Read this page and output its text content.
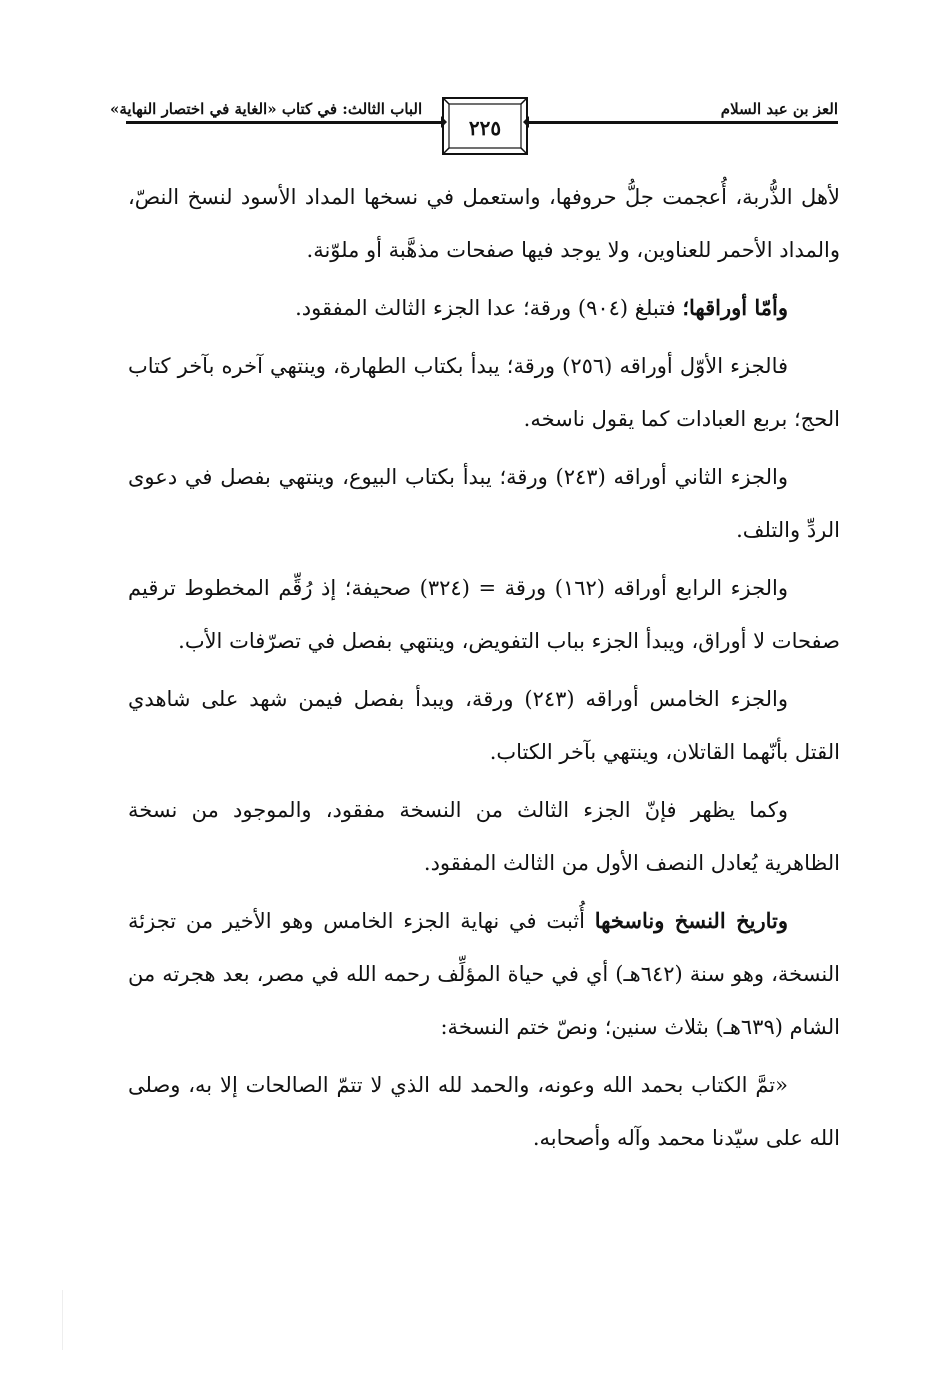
العز بن عبد السلام
الباب الثالث: في كتاب «الغاية في اختصار النهاية»
٢٢٥

لأهل الذُّربة، أُعجمت جلُّ حروفها، واستعمل في نسخها المداد الأسود لنسخ النصّ، والمداد الأحمر للعناوين، ولا يوجد فيها صفحات مذهَّبة أو ملوّنة.

وأمّا أوراقها؛ فتبلغ (٩٠٤) ورقة؛ عدا الجزء الثالث المفقود.

فالجزء الأوّل أوراقه (٢٥٦) ورقة؛ يبدأ بكتاب الطهارة، وينتهي آخره بآخر كتاب الحج؛ بربع العبادات كما يقول ناسخه.

والجزء الثاني أوراقه (٢٤٣) ورقة؛ يبدأ بكتاب البيوع، وينتهي بفصل في دعوى الردِّ والتلف.

والجزء الرابع أوراقه (١٦٢) ورقة = (٣٢٤) صحيفة؛ إذ رُقِّم المخطوط ترقيم صفحات لا أوراق، ويبدأ الجزء بباب التفويض، وينتهي بفصل في تصرّفات الأب.

والجزء الخامس أوراقه (٢٤٣) ورقة، ويبدأ بفصل فيمن شهد على شاهدي القتل بأنّهما القاتلان، وينتهي بآخر الكتاب.

وكما يظهر فإنّ الجزء الثالث من النسخة مفقود، والموجود من نسخة الظاهرية يُعادل النصف الأول من الثالث المفقود.

وتاريخ النسخ وناسخها أُثبت في نهاية الجزء الخامس وهو الأخير من تجزئة النسخة، وهو سنة (٦٤٢هـ) أي في حياة المؤلِّف رحمه الله في مصر، بعد هجرته من الشام (٦٣٩هـ) بثلاث سنين؛ ونصّ ختم النسخة:

«تمَّ الكتاب بحمد الله وعونه، والحمد لله الذي لا تتمّ الصالحات إلا به، وصلى الله على سيّدنا محمد وآله وأصحابه.
